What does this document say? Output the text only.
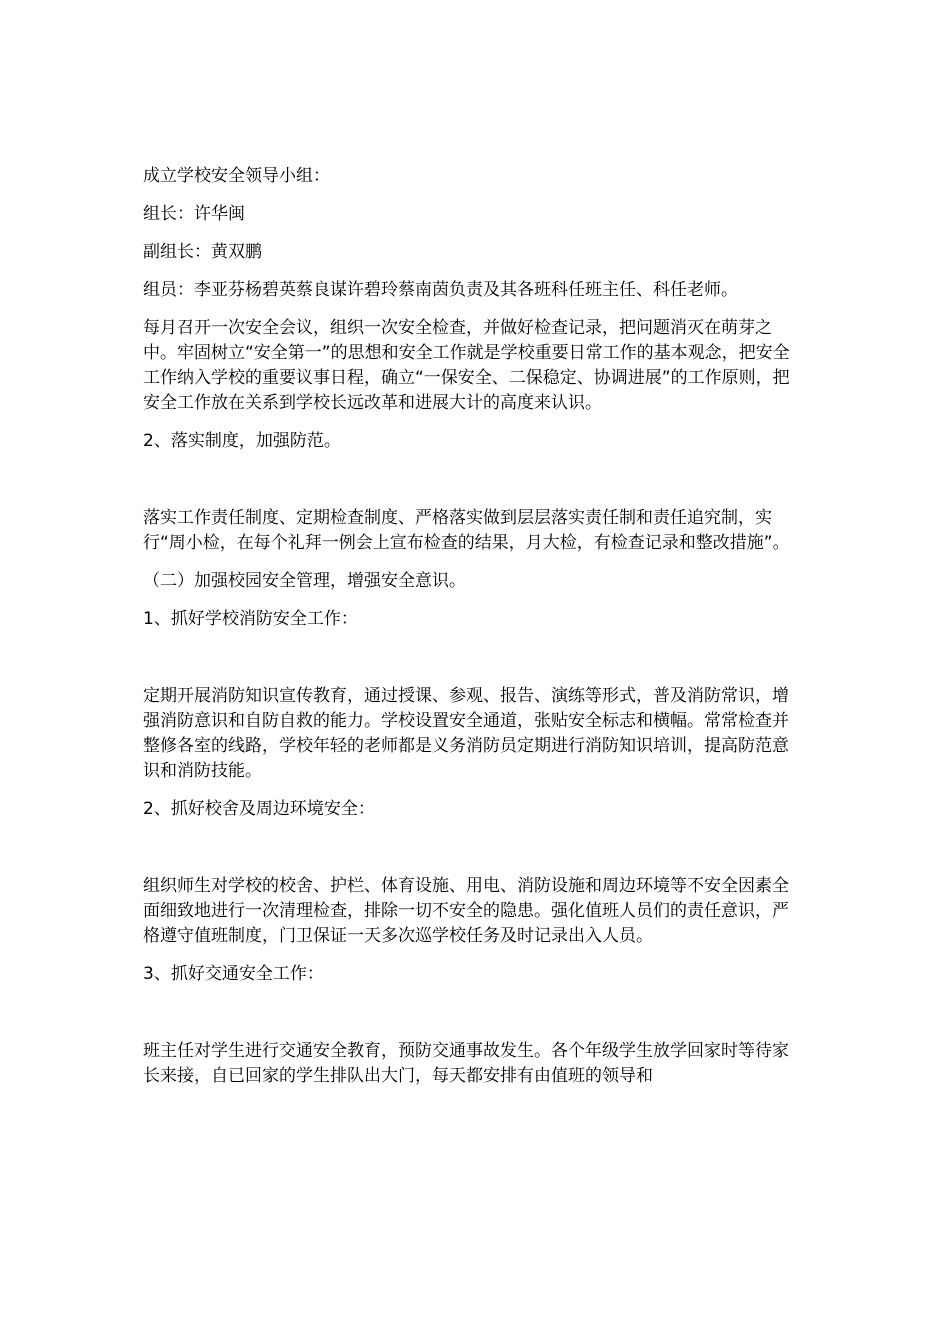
成立学校安全领导小组：

组长：许华闽

副组长：黄双鹏

组员：李亚芬杨碧英蔡良谋许碧玲蔡南茵负责及其各班科任班主任、科任老师。

每月召开一次安全会议，组织一次安全检查，并做好检查记录，把问题消灭在萌芽之中。牢固树立“安全第一”的思想和安全工作就是学校重要日常工作的基本观念，把安全工作纳入学校的重要议事日程，确立“一保安全、二保稳定、协调进展”的工作原则，把安全工作放在关系到学校长远改革和进展大计的高度来认识。

2、落实制度，加强防范。

落实工作责任制度、定期检查制度、严格落实做到层层落实责任制和责任追究制，实行“周小检，在每个礼拜一例会上宣布检查的结果，月大检，有检查记录和整改措施”。

（二）加强校园安全管理，增强安全意识。

1、抓好学校消防安全工作：

定期开展消防知识宣传教育，通过授课、参观、报告、演练等形式，普及消防常识，增强消防意识和自防自救的能力。学校设置安全通道，张贴安全标志和横幅。常常检查并整修各室的线路，学校年轻的老师都是义务消防员定期进行消防知识培训，提高防范意识和消防技能。

2、抓好校舍及周边环境安全：

组织师生对学校的校舍、护栏、体育设施、用电、消防设施和周边环境等不安全因素全面细致地进行一次清理检查，排除一切不安全的隐患。强化值班人员们的责任意识，严格遵守值班制度，门卫保证一天多次巡学校任务及时记录出入人员。

3、抓好交通安全工作：

班主任对学生进行交通安全教育，预防交通事故发生。各个年级学生放学回家时等待家长来接，自已回家的学生排队出大门，每天都安排有由值班的领导和
